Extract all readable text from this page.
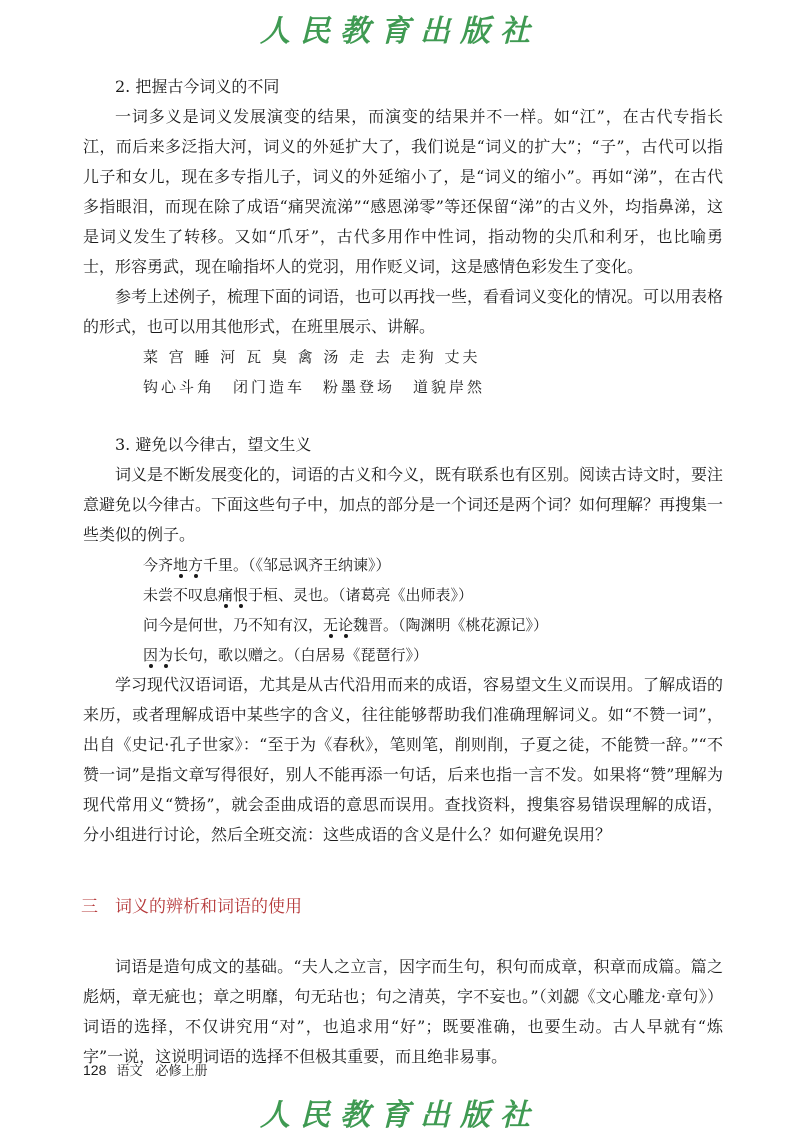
人民教育出版社

2. 把握古今词义的不同

一词多义是词义发展演变的结果，而演变的结果并不一样。如“江”，在古代专指长江，而后来多泛指大河，词义的外延扩大了，我们说是“词义的扩大”；“子”，古代可以指儿子和女儿，现在多专指儿子，词义的外延缩小了，是“词义的缩小”。再如“涕”，在古代多指眼泪，而现在除了成语“痛哭流涕”“感恩涕零”等还保留“涕”的古义外，均指鼻涕，这是词义发生了转移。又如“爪牙”，古代多用作中性词，指动物的尖爪和利牙，也比喻勇士，形容勇武，现在喻指坏人的党羽，用作贬义词，这是感情色彩发生了变化。

参考上述例子，梳理下面的词语，也可以再找一些，看看词义变化的情况。可以用表格的形式，也可以用其他形式，在班里展示、讲解。

菜 宫 睡 河 瓦 臭 禽 汤 走 去 走狗 丈夫

钩心斗角　闭门造车　粉墨登场　道貌岸然

3. 避免以今律古，望文生义

词义是不断发展变化的，词语的古义和今义，既有联系也有区别。阅读古诗文时，要注意避免以今律古。下面这些句子中，加点的部分是一个词还是两个词？如何理解？再搜集一些类似的例子。

今齐地方千里。（《邹忌讽齐王纳谏》）

未尝不叹息痛恨于桓、灵也。（诸葛亮《出师表》）

问今是何世，乃不知有汉，无论魏晋。（陶渊明《桃花源记》）

因为长句，歌以赠之。（白居易《琵琶行》）

学习现代汉语词语，尤其是从古代沿用而来的成语，容易望文生义而误用。了解成语的来历，或者理解成语中某些字的含义，往往能够帮助我们准确理解词义。如“不赞一词”，出自《史记·孔子世家》：“至于为《春秋》，笔则笔，削则削，子夏之徒，不能赞一辞。”“不赞一词”是指文章写得很好，别人不能再添一句话，后来也指一言不发。如果将“赞”理解为现代常用义“赞扬”，就会歪曲成语的意思而误用。查找资料，搜集容易错误理解的成语，分小组进行讨论，然后全班交流：这些成语的含义是什么？如何避免误用？

三　词义的辨析和词语的使用

词语是造句成文的基础。“夫人之立言，因字而生句，积句而成章，积章而成篇。篇之彪炳，章无疵也；章之明靡，句无玷也；句之清英，字不妄也。”（刘勰《文心雕龙·章句》）词语的选择，不仅讲究用“对”，也追求用“好”；既要准确，也要生动。古人早就有“炼字”一说，这说明词语的选择不但极其重要，而且绝非易事。

128 语文　必修上册
人民教育出版社
